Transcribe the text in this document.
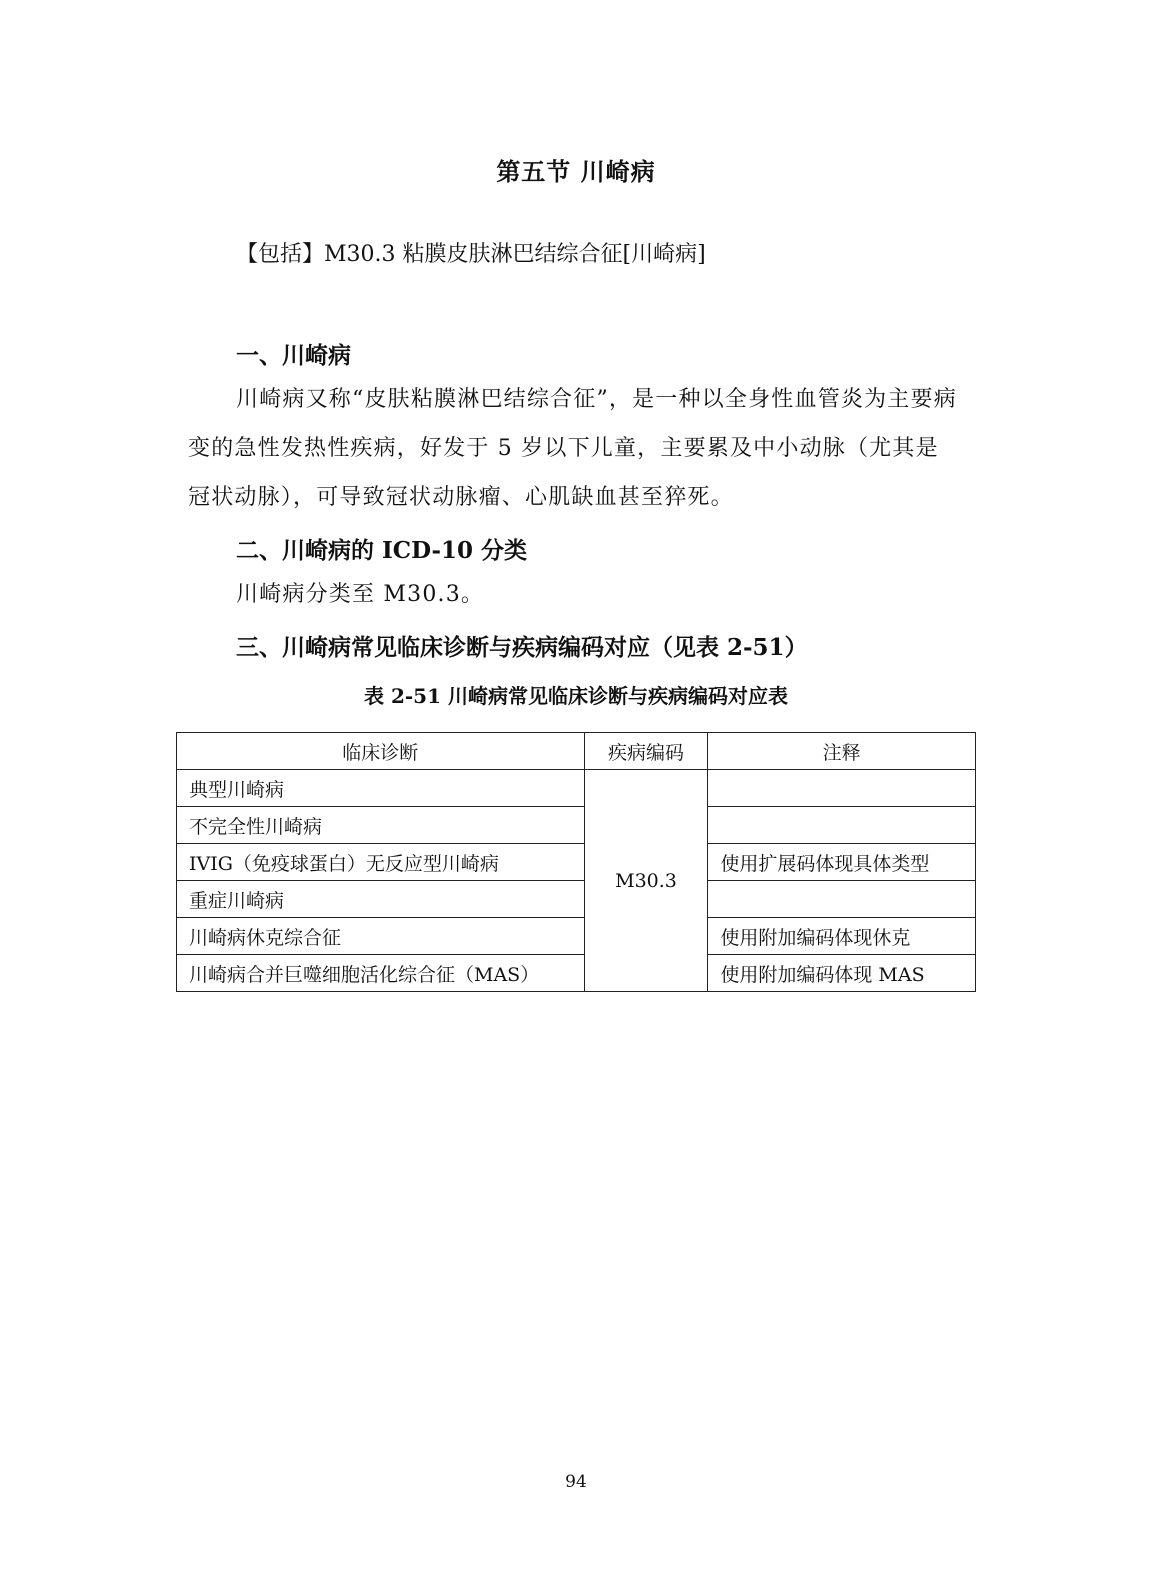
第五节 川崎病
【包括】M30.3 粘膜皮肤淋巴结综合征[川崎病]
一、川崎病
川崎病又称“皮肤粘膜淋巴结综合征”，是一种以全身性血管炎为主要病变的急性发热性疾病，好发于 5 岁以下儿童，主要累及中小动脉（尤其是冠状动脉），可导致冠状动脉瘤、心肌缺血甚至猝死。
二、川崎病的 ICD-10 分类
川崎病分类至 M30.3。
三、川崎病常见临床诊断与疾病编码对应（见表 2-51）
表 2-51 川崎病常见临床诊断与疾病编码对应表
临床诊断	疾病编码	注释
典型川崎病	M30.3	
不完全性川崎病		
IVIG（免疫球蛋白）无反应型川崎病		使用扩展码体现具体类型
重症川崎病		
川崎病休克综合征		使用附加编码体现休克
川崎病合并巨噬细胞活化综合征（MAS）		使用附加编码体现 MAS
94
